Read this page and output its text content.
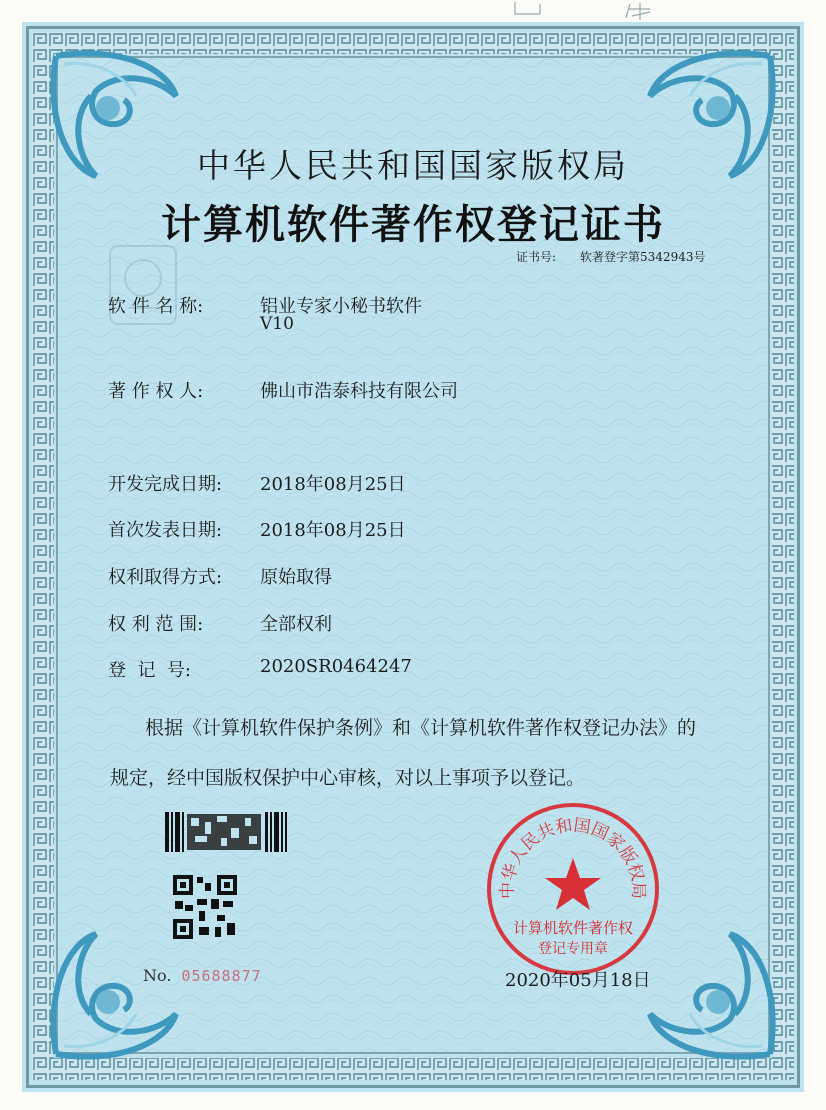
中华人民共和国国家版权局
计算机软件著作权登记证书
证书号: 软著登字第5342943号
软 件 名 称:	铝业专家小秘书软件
V10
著 作 权 人:	佛山市浩泰科技有限公司
开发完成日期: 2018年08月25日
首次发表日期: 2018年08月25日
权利取得方式: 原始取得
权 利 范 围:	全部权利
登  记  号:	2020SR0464247
根据《计算机软件保护条例》和《计算机软件著作权登记办法》的
规定，经中国版权保护中心审核，对以上事项予以登记。
No. 05688877
中华人民共和国国家版权局
计算机软件著作权
登记专用章
2020年05月18日
